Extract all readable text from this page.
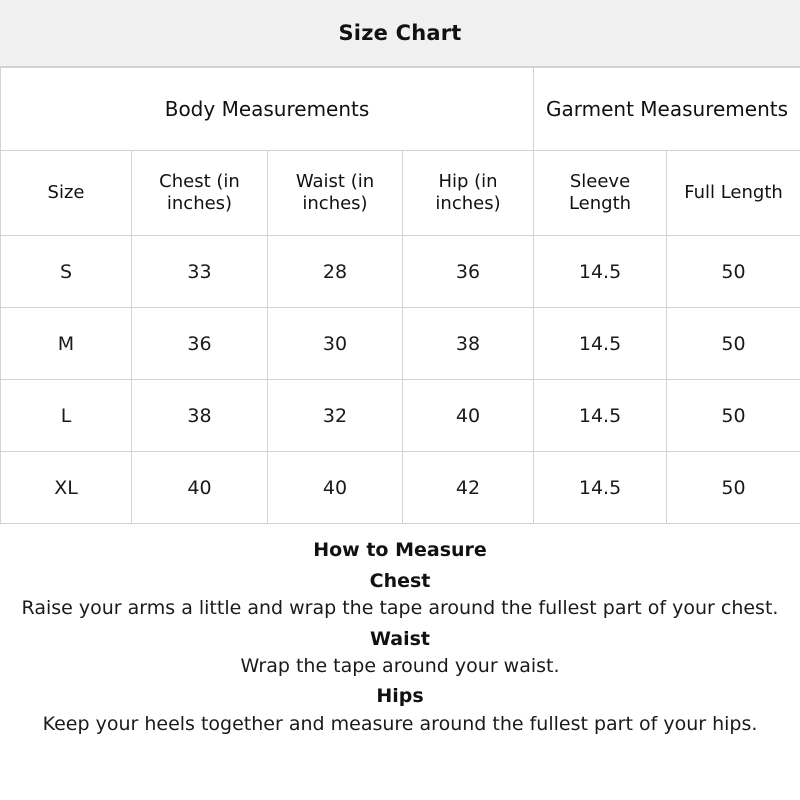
Size Chart
Body Measurements				Garment Measurements	
Size	Chest (in inches)	Waist (in inches)	Hip (in inches)	Sleeve Length	Full Length
S	33	28	36	14.5	50
M	36	30	38	14.5	50
L	38	32	40	14.5	50
XL	40	40	42	14.5	50
How to Measure
Chest
Raise your arms a little and wrap the tape around the fullest part of your chest.
Waist
Wrap the tape around your waist.
Hips
Keep your heels together and measure around the fullest part of your hips.
